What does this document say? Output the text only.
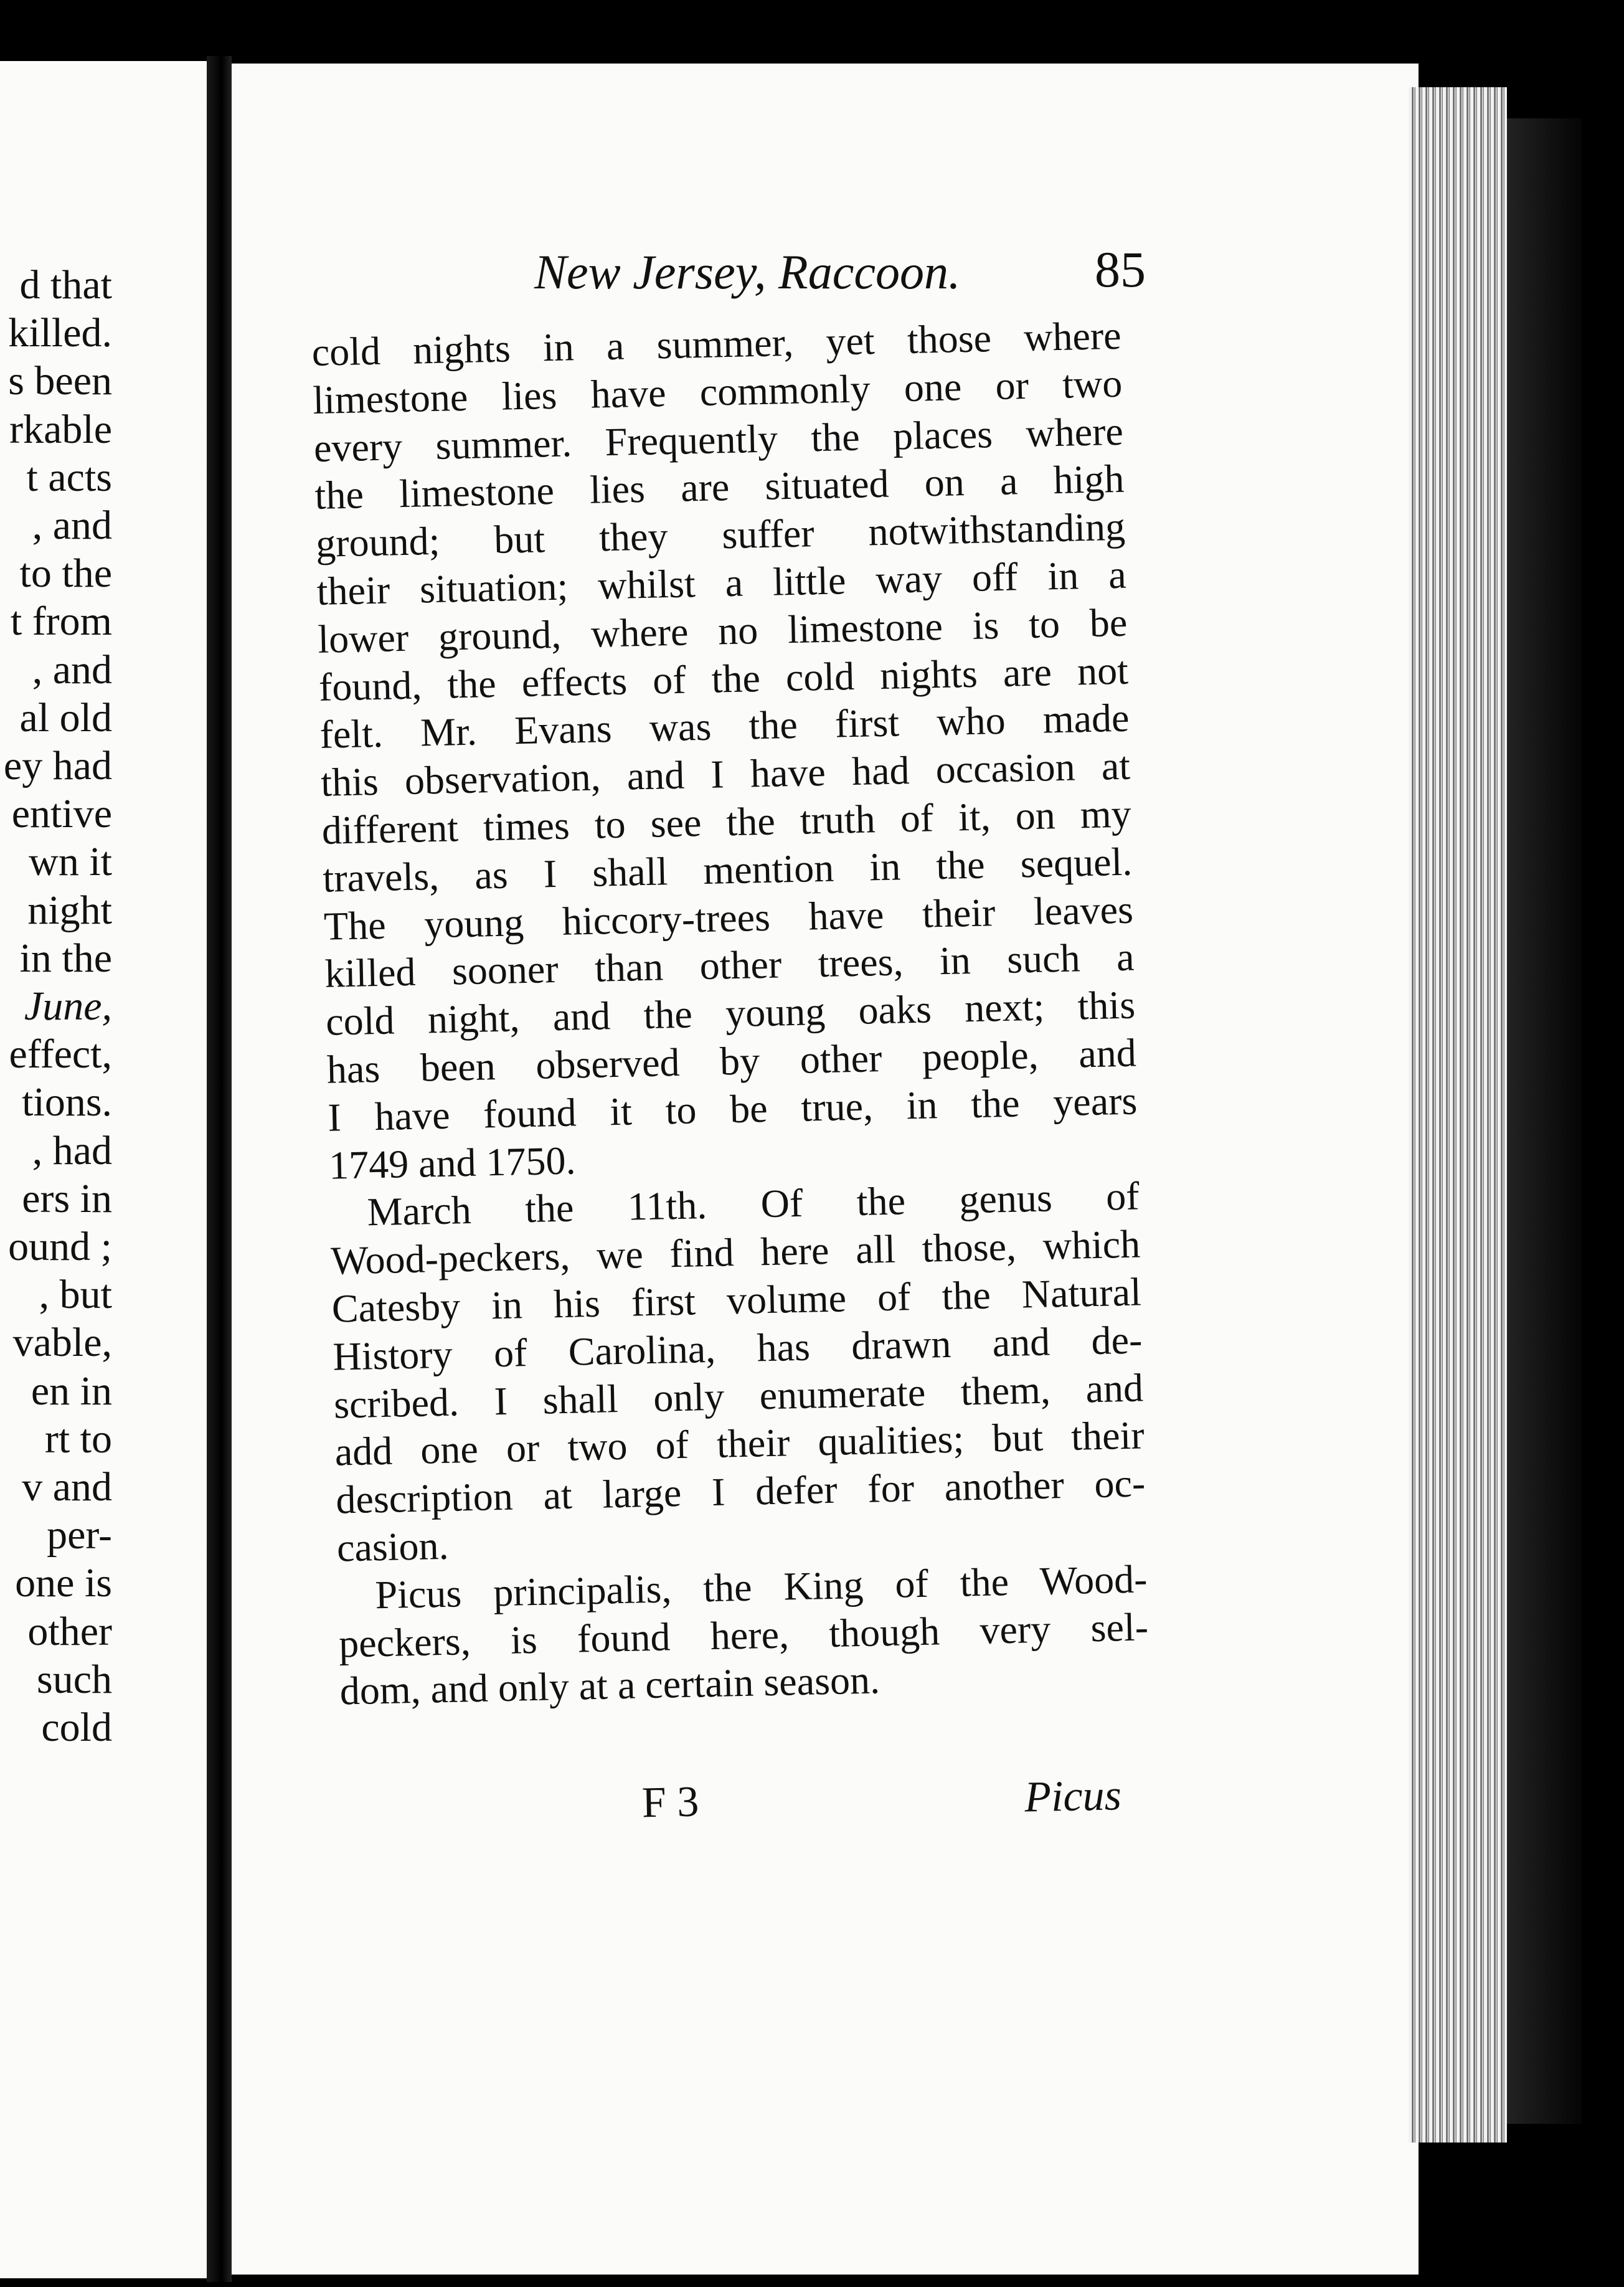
d that
killed.
s been
rkable
t acts
, and
to the
t from
, and
al old
ey had
entive
wn it
night
in the
June,
effect,
tions.
, had
ers in
ound ;
, but
vable,
en in
rt to
v and
per-
one is
other
such
cold
New Jersey, Raccoon.	85
cold nights in a summer, yet those where
limestone lies have commonly one or two
every summer. Frequently the places where
the limestone lies are situated on a high
ground; but they suffer notwithstanding
their situation; whilst a little way off in a
lower ground, where no limestone is to be
found, the effects of the cold nights are not
felt. Mr. Evans was the first who made
this observation, and I have had occasion at
different times to see the truth of it, on my
travels, as I shall mention in the sequel.
The young hiccory-trees have their leaves
killed sooner than other trees, in such a
cold night, and the young oaks next; this
has been observed by other people, and
I have found it to be true, in the years
1749 and 1750.
March the 11th. Of the genus of
Wood-peckers, we find here all those, which
Catesby in his first volume of the Natural
History of Carolina, has drawn and de-
scribed. I shall only enumerate them, and
add one or two of their qualities; but their
description at large I defer for another oc-
casion.
Picus principalis, the King of the Wood-
peckers, is found here, though very sel-
dom, and only at a certain season.
F 3	Picus
